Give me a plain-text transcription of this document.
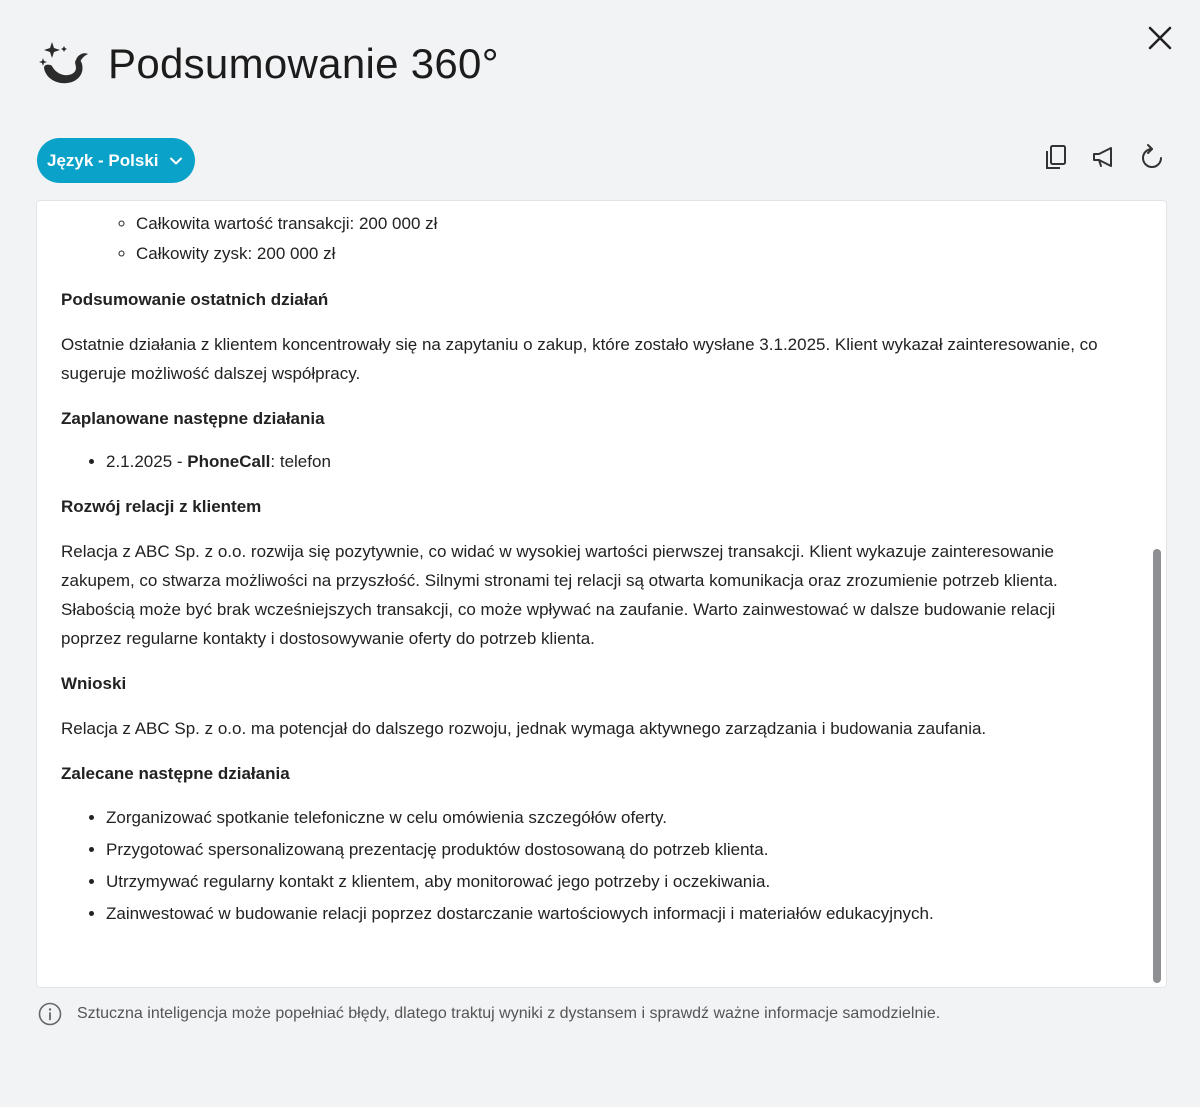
Podsumowanie 360°
Język - Polski
◦ Całkowita wartość transakcji: 200 000 zł
◦ Całkowity zysk: 200 000 zł
Podsumowanie ostatnich działań

Ostatnie działania z klientem koncentrowały się na zapytaniu o zakup, które zostało wysłane 3.1.2025. Klient wykazał zainteresowanie, co sugeruje możliwość dalszej współpracy.

Zaplanowane następne działania
• 2.1.2025 - PhoneCall: telefon
Rozwój relacji z klientem

Relacja z ABC Sp. z o.o. rozwija się pozytywnie, co widać w wysokiej wartości pierwszej transakcji. Klient wykazuje zainteresowanie zakupem, co stwarza możliwości na przyszłość. Silnymi stronami tej relacji są otwarta komunikacja oraz zrozumienie potrzeb klienta. Słabością może być brak wcześniejszych transakcji, co może wpływać na zaufanie. Warto zainwestować w dalsze budowanie relacji poprzez regularne kontakty i dostosowywanie oferty do potrzeb klienta.

Wnioski

Relacja z ABC Sp. z o.o. ma potencjał do dalszego rozwoju, jednak wymaga aktywnego zarządzania i budowania zaufania.

Zalecane następne działania
• Zorganizować spotkanie telefoniczne w celu omówienia szczegółów oferty.
• Przygotować spersonalizowaną prezentację produktów dostosowaną do potrzeb klienta.
• Utrzymywać regularny kontakt z klientem, aby monitorować jego potrzeby i oczekiwania.
• Zainwestować w budowanie relacji poprzez dostarczanie wartościowych informacji i materiałów edukacyjnych.
Sztuczna inteligencja może popełniać błędy, dlatego traktuj wyniki z dystansem i sprawdź ważne informacje samodzielnie.
